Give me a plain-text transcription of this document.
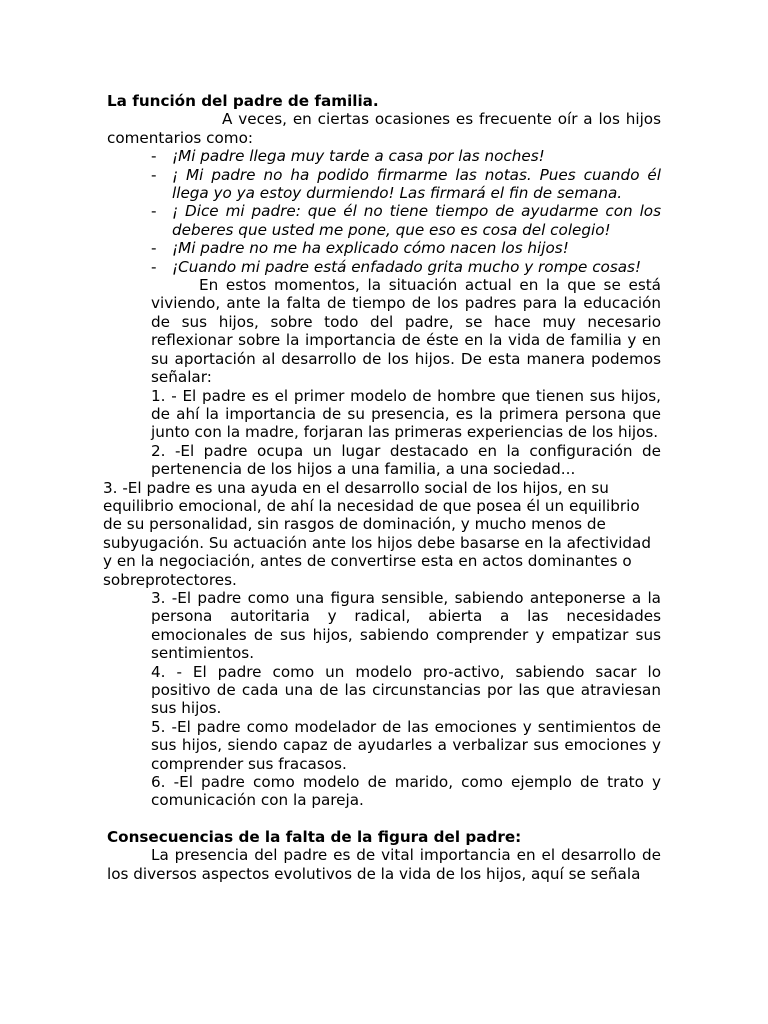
La función del padre de familia.

A veces, en ciertas ocasiones es frecuente oír a los hijos comentarios como:

- ¡Mi padre llega muy tarde a casa por las noches!
- ¡ Mi padre no ha podido firmarme las notas. Pues cuando él llega yo ya estoy durmiendo! Las firmará el fin de semana.
- ¡ Dice mi padre: que él no tiene tiempo de ayudarme con los deberes que usted me pone, que eso es cosa del colegio!
- ¡Mi padre no me ha explicado cómo nacen los hijos!
- ¡Cuando mi padre está enfadado grita mucho y rompe cosas!

En estos momentos, la situación actual en la que se está viviendo, ante la falta de tiempo de los padres para la educación de sus hijos, sobre todo del padre, se hace muy necesario reflexionar sobre la importancia de éste en la vida de familia y en su aportación al desarrollo de los hijos. De esta manera podemos señalar:

1. - El padre es el primer modelo de hombre que tienen sus hijos, de ahí la importancia de su presencia, es la primera persona que junto con la madre, forjaran las primeras experiencias de los hijos.

2. -El padre ocupa un lugar destacado en la configuración de pertenencia de los hijos a una familia, a una sociedad...

3. -El padre es una ayuda en el desarrollo social de los hijos, en su equilibrio emocional, de ahí la necesidad de que posea él un equilibrio de su personalidad, sin rasgos de dominación, y mucho menos de subyugación. Su actuación ante los hijos debe basarse en la afectividad y en la negociación, antes de convertirse esta en actos dominantes o sobreprotectores.

3. -El padre como una figura sensible, sabiendo anteponerse a la persona autoritaria y radical, abierta a las necesidades emocionales de sus hijos, sabiendo comprender y empatizar sus sentimientos.

4. - El padre como un modelo pro-activo, sabiendo sacar lo positivo de cada una de las circunstancias por las que atraviesan sus hijos.

5. -El padre como modelador de las emociones y sentimientos de sus hijos, siendo capaz de ayudarles a verbalizar sus emociones y comprender sus fracasos.

6. -El padre como modelo de marido, como ejemplo de trato y comunicación con la pareja.

Consecuencias de la falta de la figura del padre:

La presencia del padre es de vital importancia en el desarrollo de los diversos aspectos evolutivos de la vida de los hijos, aquí se señala
